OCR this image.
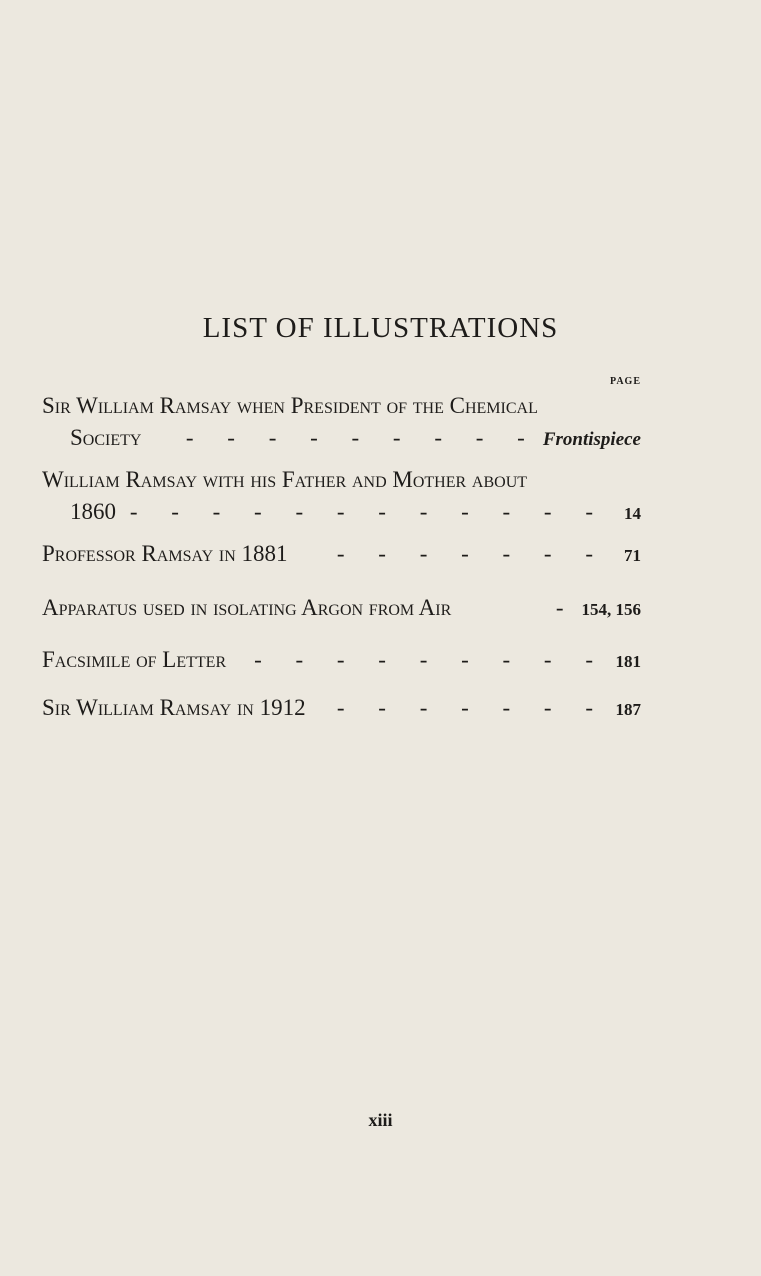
LIST OF ILLUSTRATIONS
PAGE
Sir William Ramsay when President of the Chemical
Society	- - - - - - - - - Frontispiece
William Ramsay with his Father and Mother about
1860 - - - - - - - - - - - -	14
Professor Ramsay in 1881	- - - - - - -	71
Apparatus used in isolating Argon from Air	- 154, 156
Facsimile of Letter	- - - - - - - - - 181
Sir William Ramsay in 1912	- - - - - - - 187
xiii
